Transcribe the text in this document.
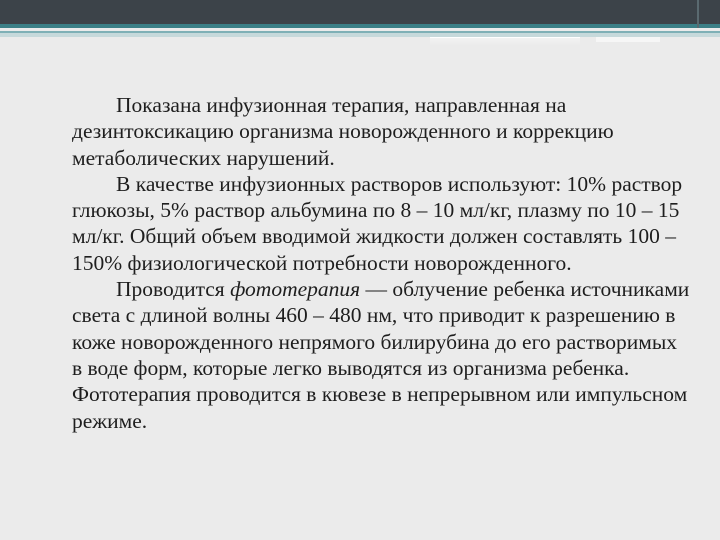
Показана инфузионная терапия, направленная на дезинтоксикацию организма новорожденного и коррекцию метаболических нарушений.

В качестве инфузионных растворов используют: 10% раствор глюкозы, 5% раствор альбумина по 8 – 10 мл/кг, плазму по 10 – 15 мл/кг. Общий объем вводимой жидкости должен составлять 100 – 150% физиологической потребности новорожденного.

Проводится фототерапия — облучение ребенка источниками света с длиной волны 460 – 480 нм, что приводит к разрешению в коже новорожденного непрямого билирубина до его растворимых в воде форм, которые легко выводятся из организма ребенка. Фототерапия проводится в кювезе в непрерывном или импульсном режиме.
